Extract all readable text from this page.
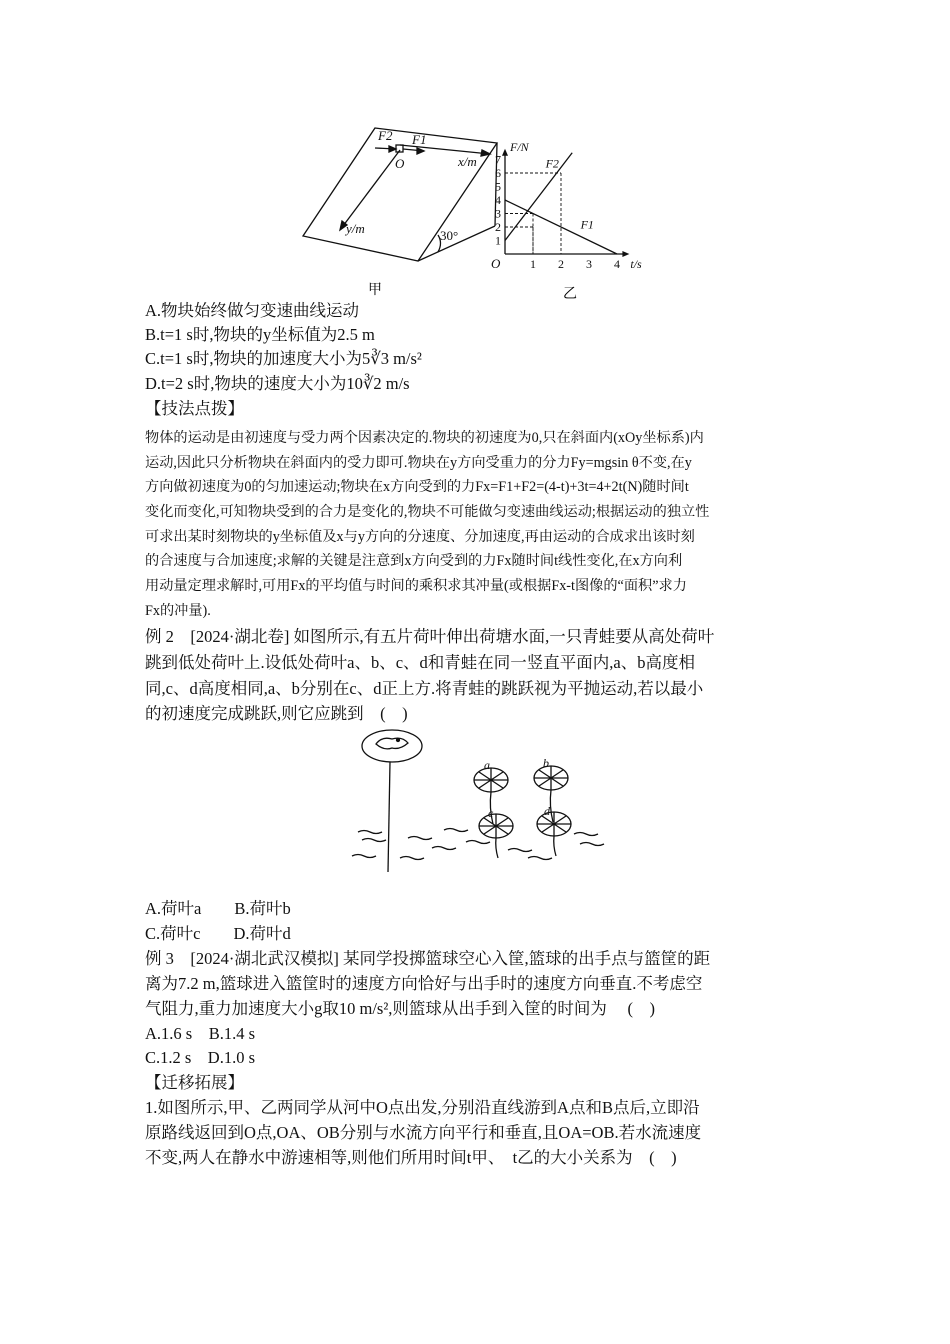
F2 F1
O	x/m
y/m	30°
甲
1 2 3 4
1
2
3
4
5
6
7
O
F/N
t/s
F2
F1
乙
A.物块始终做匀变速曲线运动
B.t=1 s时,物块的y坐标值为2.5 m
C.t=1 s时,物块的加速度大小为5∛3 m/s²
D.t=2 s时,物块的速度大小为10∛2 m/s
【技法点拨】
物体的运动是由初速度与受力两个因素决定的.物块的初速度为0,只在斜面内(xOy坐标系)内
运动,因此只分析物块在斜面内的受力即可.物块在y方向受重力的分力Fy=mgsin θ不变,在y
方向做初速度为0的匀加速运动;物块在x方向受到的力Fx=F1+F2=(4-t)+3t=4+2t(N)随时间t
变化而变化,可知物块受到的合力是变化的,物块不可能做匀变速曲线运动;根据运动的独立性
可求出某时刻物块的y坐标值及x与y方向的分速度、分加速度,再由运动的合成求出该时刻
的合速度与合加速度;求解的关键是注意到x方向受到的力Fx随时间t线性变化,在x方向利
用动量定理求解时,可用Fx的平均值与时间的乘积求其冲量(或根据Fx-t图像的“面积”求力
Fx的冲量).
例 2　[2024·湖北卷] 如图所示,有五片荷叶伸出荷塘水面,一只青蛙要从高处荷叶
跳到低处荷叶上.设低处荷叶a、b、c、d和青蛙在同一竖直平面内,a、b高度相
同,c、d高度相同,a、b分别在c、d正上方.将青蛙的跳跃视为平抛运动,若以最小
的初速度完成跳跃,则它应跳到　(　)
a	b
c	d
A.荷叶a　　B.荷叶b
C.荷叶c　　D.荷叶d
例 3　[2024·湖北武汉模拟] 某同学投掷篮球空心入筐,篮球的出手点与篮筐的距
离为7.2 m,篮球进入篮筐时的速度方向恰好与出手时的速度方向垂直.不考虑空
气阻力,重力加速度大小g取10 m/s²,则篮球从出手到入筐的时间为　 (　)
A.1.6 s　B.1.4 s
C.1.2 s　D.1.0 s
【迁移拓展】
1.如图所示,甲、乙两同学从河中O点出发,分别沿直线游到A点和B点后,立即沿
原路线返回到O点,OA、OB分别与水流方向平行和垂直,且OA=OB.若水流速度
不变,两人在静水中游速相等,则他们所用时间t甲、　t乙的大小关系为　(　)
